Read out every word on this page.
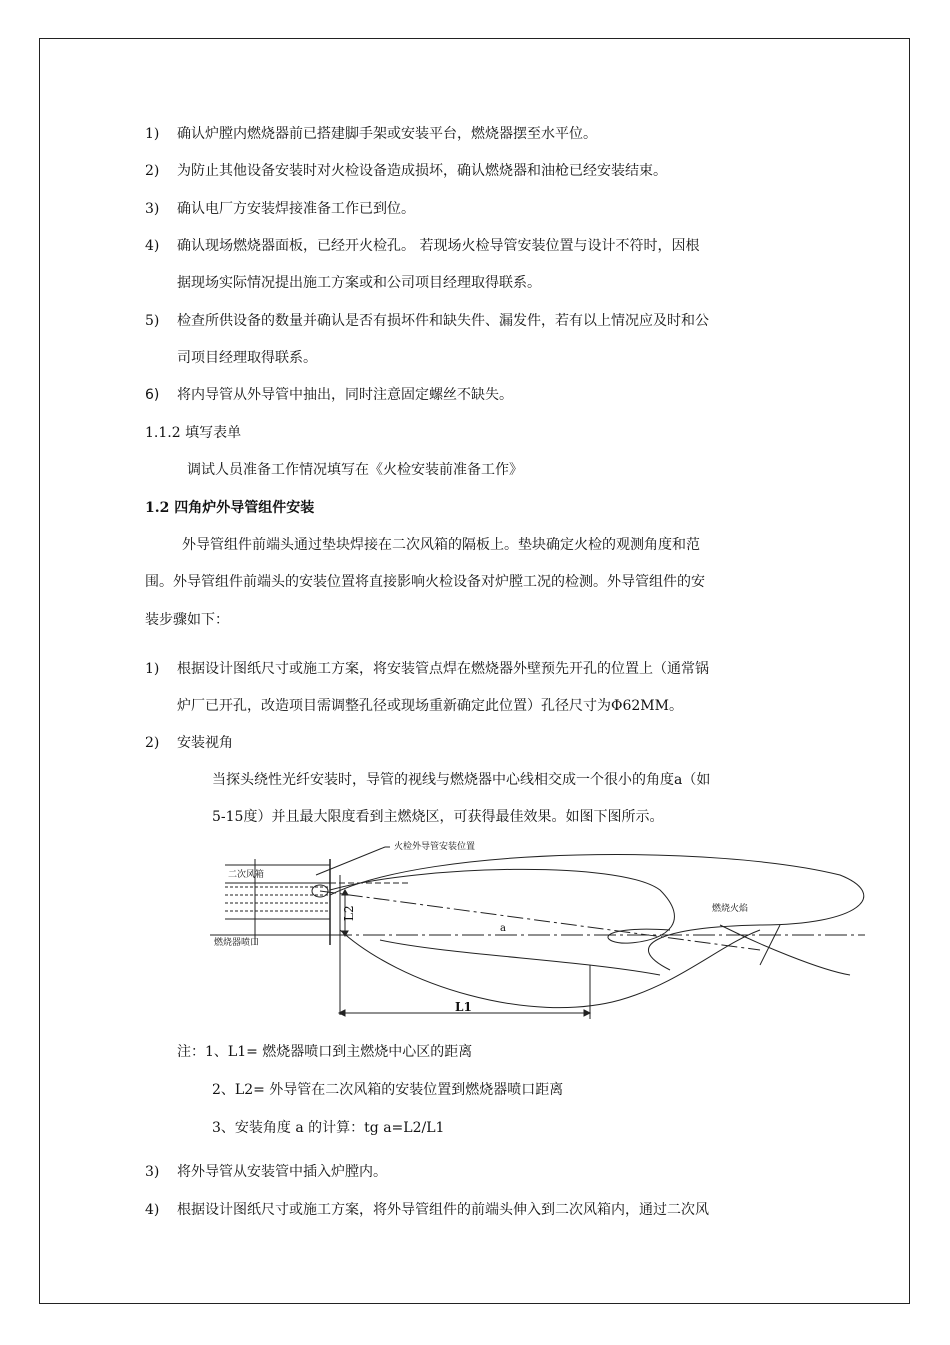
1) 确认炉膛内燃烧器前已搭建脚手架或安装平台，燃烧器摆至水平位。
2) 为防止其他设备安装时对火检设备造成损坏，确认燃烧器和油枪已经安装结束。
3) 确认电厂方安装焊接准备工作已到位。
4) 确认现场燃烧器面板，已经开火检孔。 若现场火检导管安装位置与设计不符时，因根
据现场实际情况提出施工方案或和公司项目经理取得联系。
5) 检查所供设备的数量并确认是否有损坏件和缺失件、漏发件，若有以上情况应及时和公
司项目经理取得联系。
6) 将内导管从外导管中抽出，同时注意固定螺丝不缺失。
1.1.2 填写表单
调试人员准备工作情况填写在《火检安装前准备工作》
1.2 四角炉外导管组件安装
外导管组件前端头通过垫块焊接在二次风箱的隔板上。垫块确定火检的观测角度和范
围。外导管组件前端头的安装位置将直接影响火检设备对炉膛工况的检测。外导管组件的安
装步骤如下：
1) 根据设计图纸尺寸或施工方案，将安装管点焊在燃烧器外壁预先开孔的位置上（通常锅
炉厂已开孔，改造项目需调整孔径或现场重新确定此位置）孔径尺寸为Φ62MM。
2) 安装视角
当探头绕性光纤安装时，导管的视线与燃烧器中心线相交成一个很小的角度a（如
5-15度）并且最大限度看到主燃烧区，可获得最佳效果。如图下图所示。
火检外导管安装位置
二次风箱
燃烧器喷口
燃烧火焰
L2
L1
a
注：1、L1= 燃烧器喷口到主燃烧中心区的距离
2、L2= 外导管在二次风箱的安装位置到燃烧器喷口距离
3、安装角度 a 的计算：tg a=L2/L1
3) 将外导管从安装管中插入炉膛内。
4) 根据设计图纸尺寸或施工方案，将外导管组件的前端头伸入到二次风箱内，通过二次风
